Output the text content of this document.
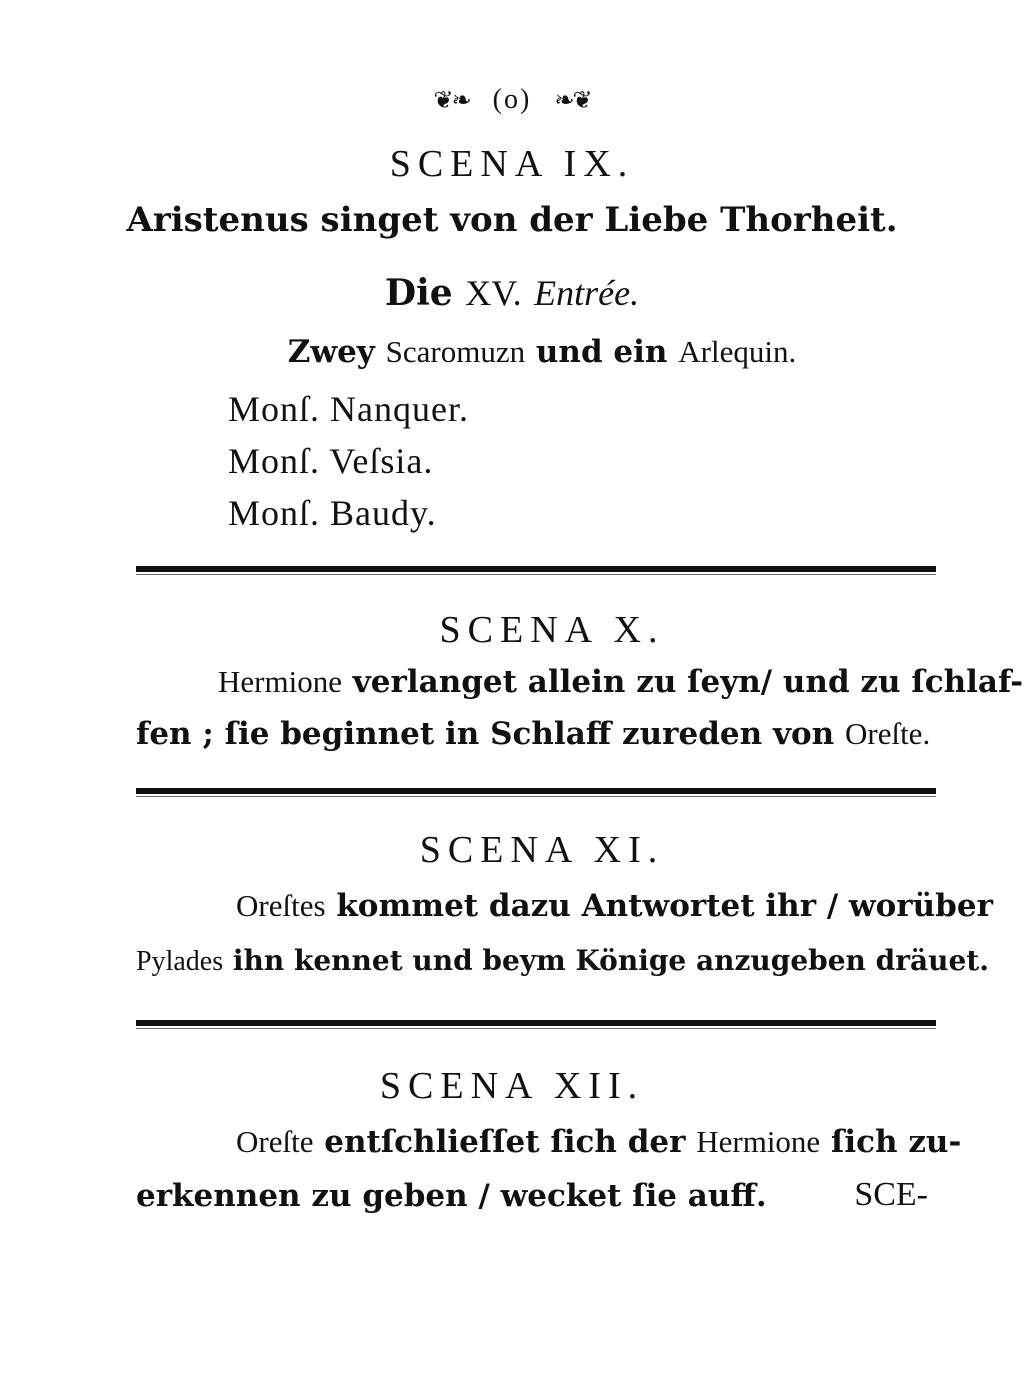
❦❧ (o) ❧❦
SCENA IX.
Aristenus singet von der Liebe Thorheit.
Die XV. Entrée.
Zwey Scaromuzn und ein Arlequin.
Monſ. Nanquer.
Monſ. Veſsia.
Monſ. Baudy.
SCENA X.
Hermione verlanget allein zu ſeyn/ und zu ſchlaf-
fen ; ſie beginnet in Schlaff zureden von Oreſte.
SCENA XI.
Oreſtes kommet dazu Antwortet ihr / worüber
Pylades ihn kennet und beym Könige anzugeben dräuet.
SCENA XII.
Oreſte entſchlieſſet ſich der Hermione ſich zu-
erkennen zu geben / wecket ſie auff.	SCE-
